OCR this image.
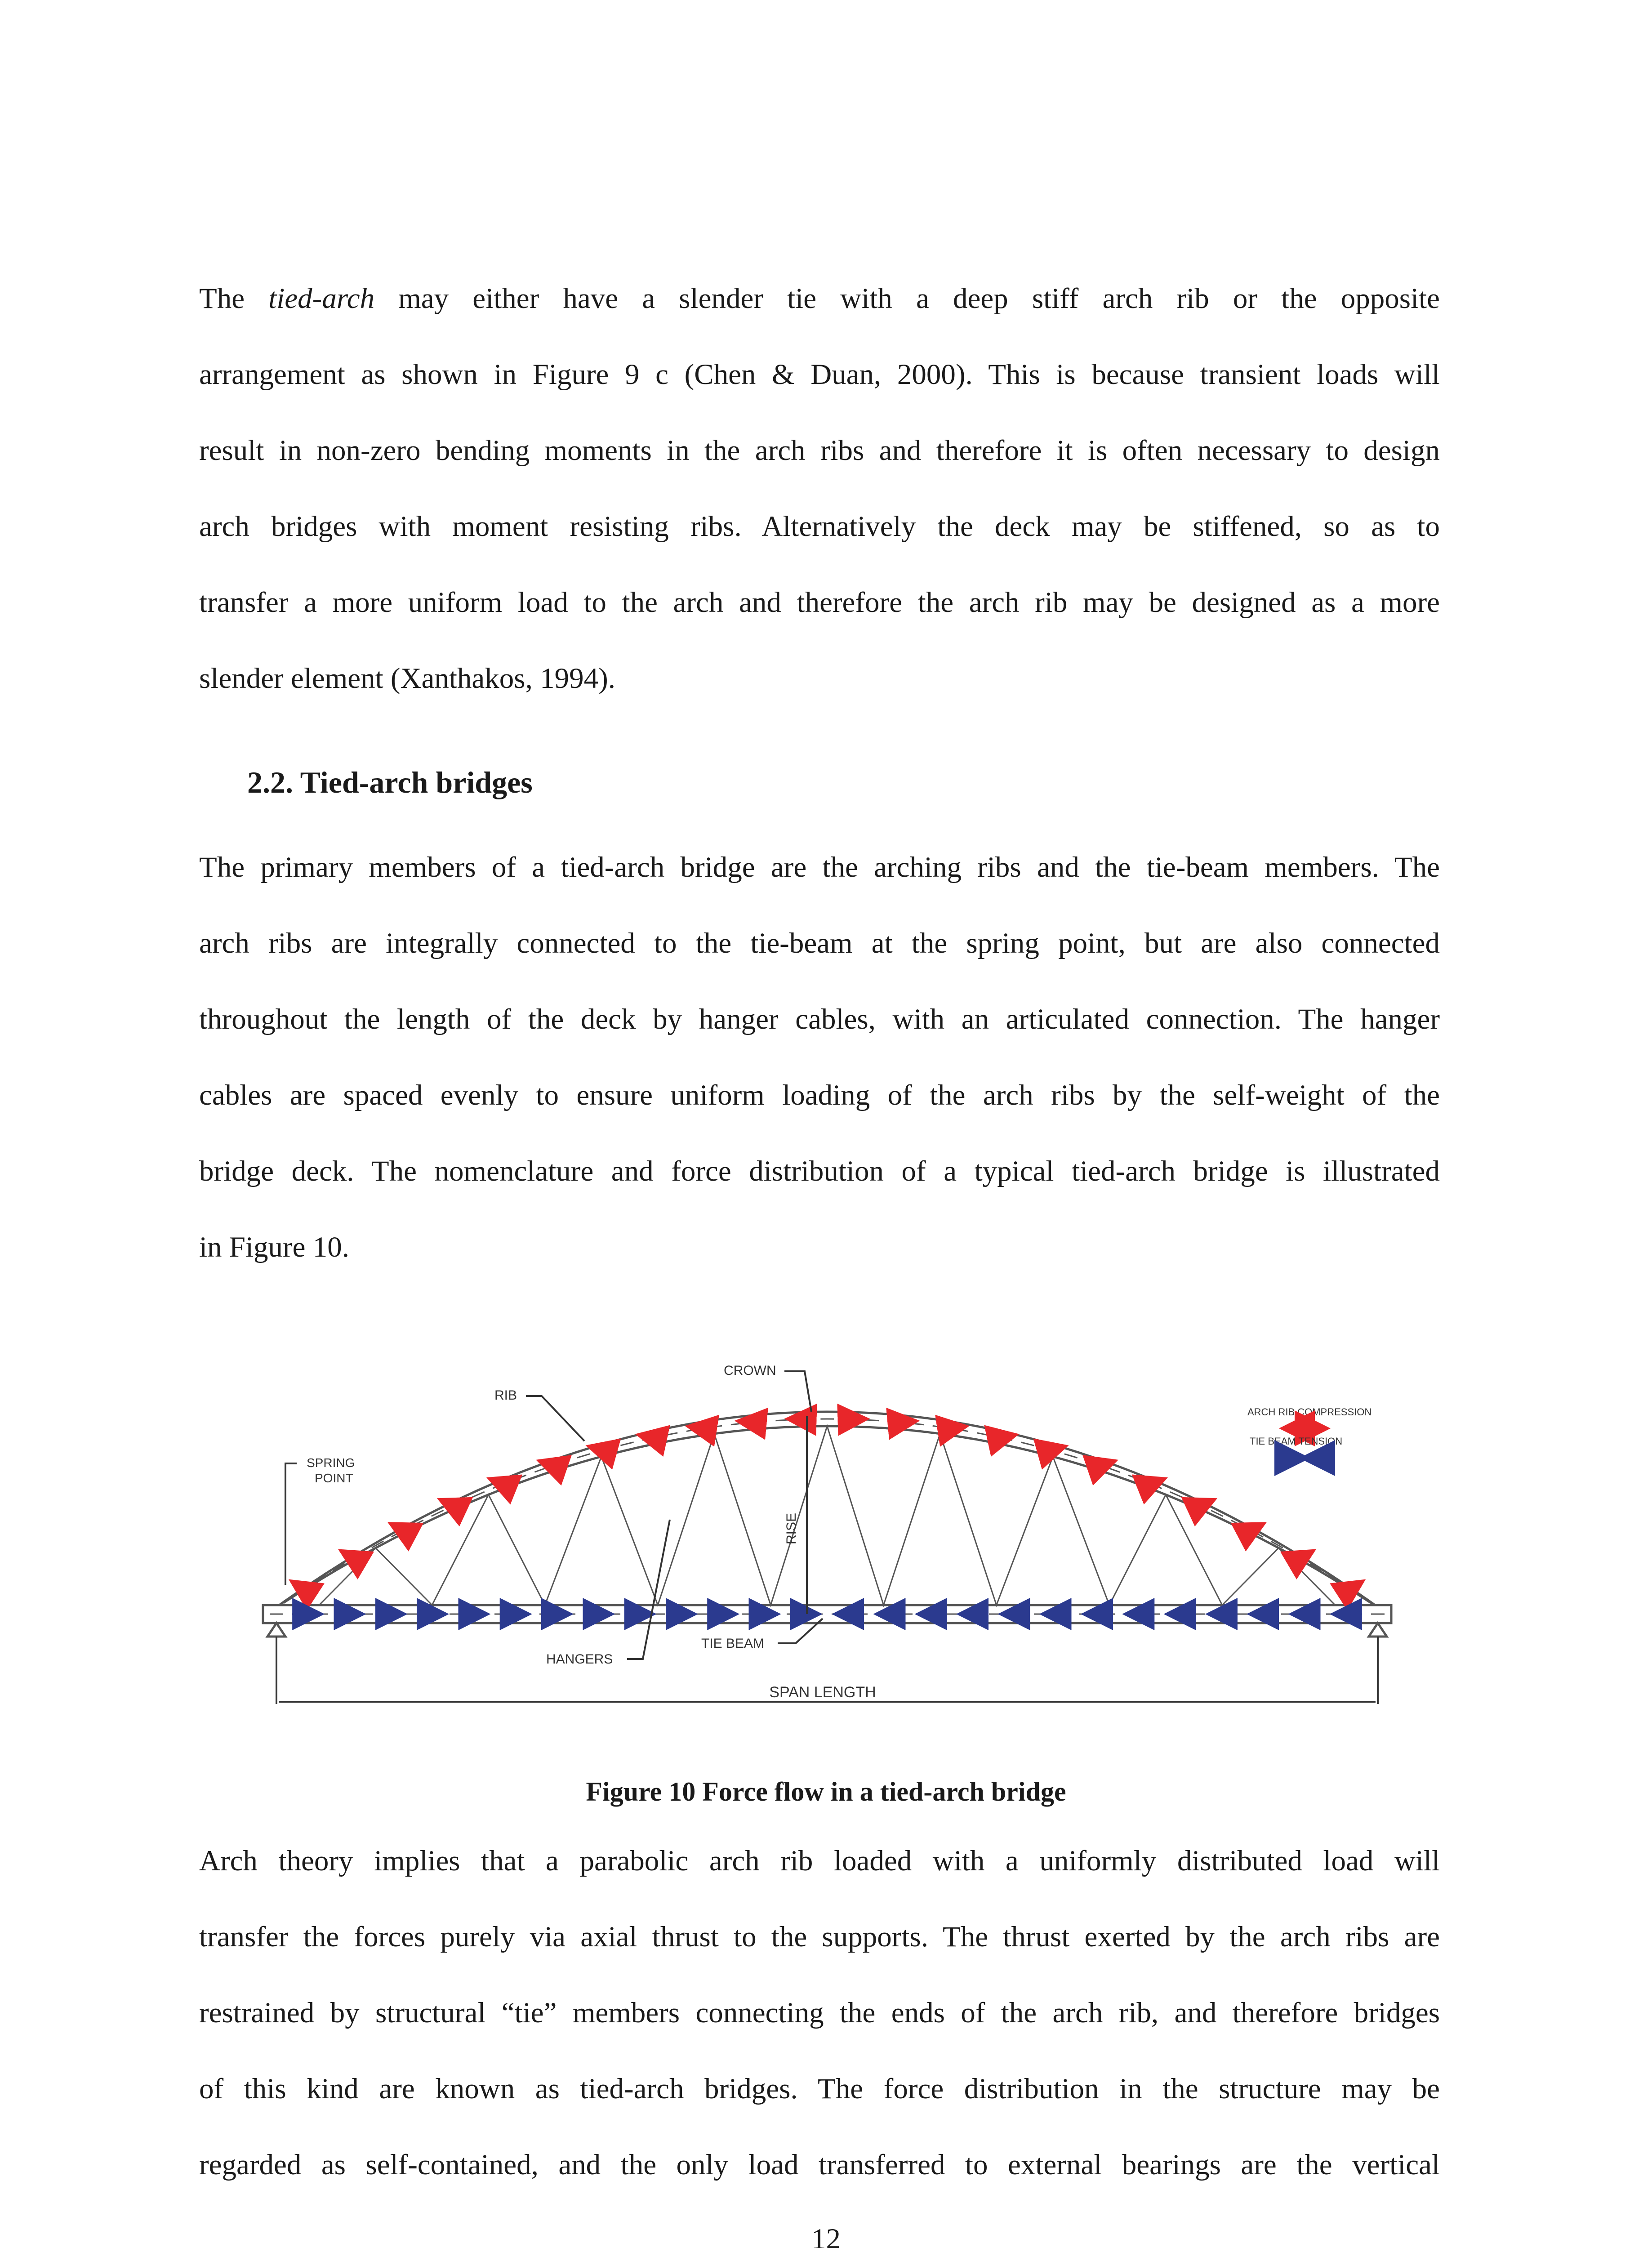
The tied-arch may either have a slender tie with a deep stiff arch rib or the opposite
arrangement as shown in Figure 9 c (Chen & Duan, 2000). This is because transient loads will
result in non-zero bending moments in the arch ribs and therefore it is often necessary to design
arch bridges with moment resisting ribs. Alternatively the deck may be stiffened, so as to
transfer a more uniform load to the arch and therefore the arch rib may be designed as a more
slender element (Xanthakos, 1994).
2.2. Tied-arch bridges
The primary members of a tied-arch bridge are the arching ribs and the tie-beam members. The
arch ribs are integrally connected to the tie-beam at the spring point, but are also connected
throughout the length of the deck by hanger cables, with an articulated connection. The hanger
cables are spaced evenly to ensure uniform loading of the arch ribs by the self-weight of the
bridge deck. The nomenclature and force distribution of a typical tied-arch bridge is illustrated
in Figure 10.
CROWN
RIB
SPRING
POINT
RISE
HANGERS
TIE BEAM
SPAN LENGTH
ARCH RIB COMPRESSION
TIE BEAM TENSION
Figure 10 Force flow in a tied-arch bridge
Arch theory implies that a parabolic arch rib loaded with a uniformly distributed load will
transfer the forces purely via axial thrust to the supports. The thrust exerted by the arch ribs are
restrained by structural “tie” members connecting the ends of the arch rib, and therefore bridges
of this kind are known as tied-arch bridges. The force distribution in the structure may be
regarded as self-contained, and the only load transferred to external bearings are the vertical
12
